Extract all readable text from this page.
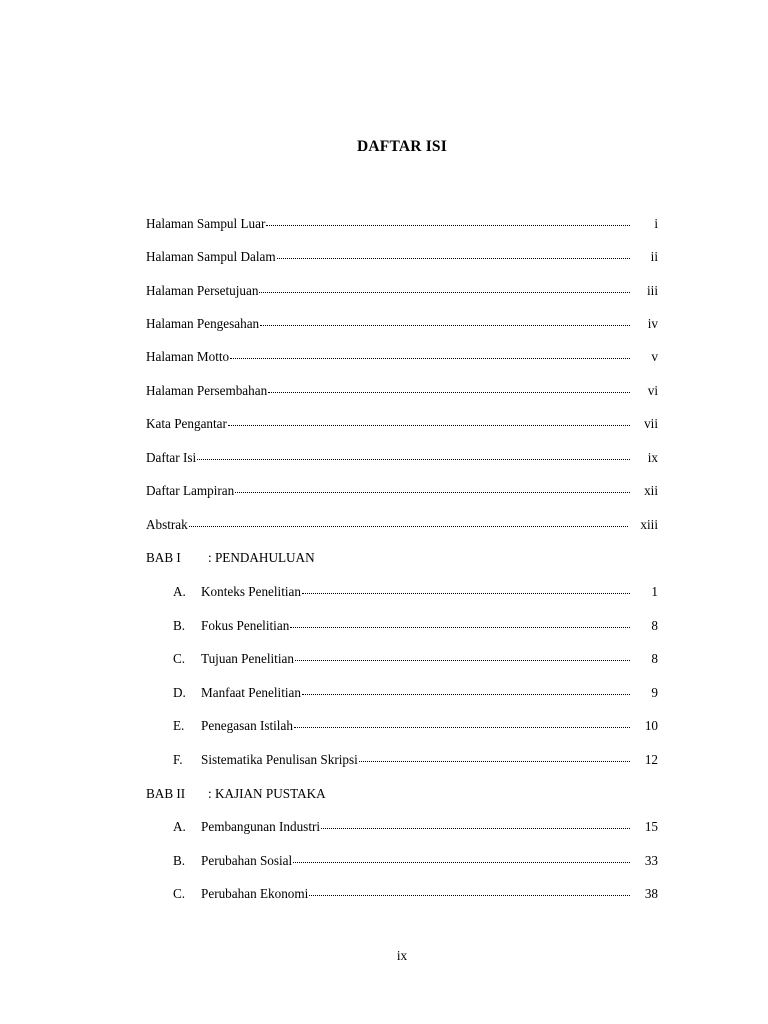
DAFTAR ISI
Halaman Sampul Luar	i
Halaman Sampul Dalam	ii
Halaman Persetujuan	iii
Halaman Pengesahan	iv
Halaman Motto	v
Halaman Persembahan	vi
Kata Pengantar	vii
Daftar Isi	ix
Daftar Lampiran	xii
Abstrak	xiii
BAB I	: PENDAHULUAN
A.	Konteks Penelitian	1
B.	Fokus Penelitian	8
C.	Tujuan Penelitian	8
D.	Manfaat Penelitian	9
E.	Penegasan Istilah	10
F.	Sistematika Penulisan Skripsi	12
BAB II	: KAJIAN PUSTAKA
A.	Pembangunan Industri	15
B.	Perubahan Sosial	33
C.	Perubahan Ekonomi	38
ix
